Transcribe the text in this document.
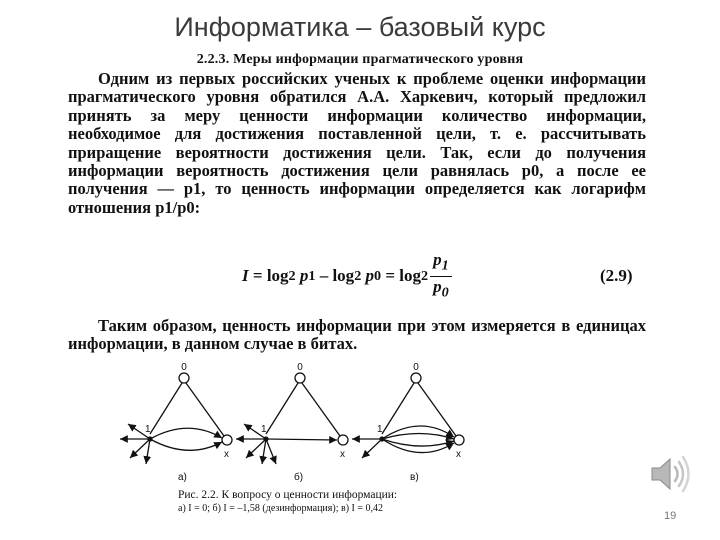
Информатика – базовый курс
2.2.3. Меры информации прагматического уровня
Одним из первых российских ученых к проблеме оценки информации прагматического уровня обратился А.А. Харкевич, который предложил принять за меру ценности информации количество информации, необходимое для достижения поставленной цели, т. е. рассчитывать приращение вероятности достижения цели. Так, если до получения информации вероятность достижения цели равнялась p0, а после ее получения — p1, то ценность информации определяется как логарифм отношения p1/p0:
I
=
log 2
p 1
–
log 2
p 0
=
$\log 2 \frac{p_1}{p_0}$	(2.9)
Таким образом, ценность информации при этом измеряется в единицах информации, в данном случае в битах.
0
1
x
а)
0
1
x
б)
0
1
x
в)
Рис. 2.2. К вопросу о ценности информации:
а) I = 0; б) I = –1,58 (дезинформация); в) I = 0,42
19
